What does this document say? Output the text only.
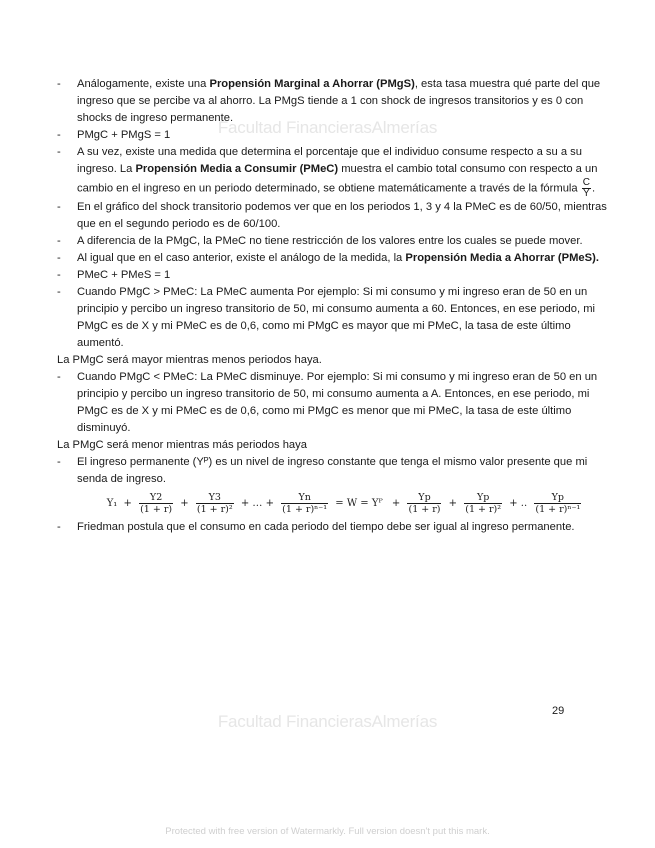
Facultad FinancierasAlmerías
Facultad FinancierasAlmerías
- Análogamente, existe una Propensión Marginal a Ahorrar (PMgS), esta tasa muestra qué parte del que ingreso que se percibe va al ahorro. La PMgS tiende a 1 con shock de ingresos transitorios y es 0 con shocks de ingreso permanente.
- PMgC + PMgS = 1
- A su vez, existe una medida que determina el porcentaje que el individuo consume respecto a su a su ingreso. La Propensión Media a Consumir (PMeC) muestra el cambio total consumo con respecto a un cambio en el ingreso en un periodo determinado, se obtiene matemáticamente a través de la fórmula $\frac{C}{Y}$ .
- En el gráfico del shock transitorio podemos ver que en los periodos 1, 3 y 4 la PMeC es de 60/50, mientras que en el segundo periodo es de 60/100.
- A diferencia de la PMgC, la PMeC no tiene restricción de los valores entre los cuales se puede mover.
- Al igual que en el caso anterior, existe el análogo de la medida, la Propensión Media a Ahorrar (PMeS).
- PMeC + PMeS = 1
- Cuando PMgC > PMeC: La PMeC aumenta Por ejemplo: Si mi consumo y mi ingreso eran de 50 en un principio y percibo un ingreso transitorio de 50, mi consumo aumenta a 60. Entonces, en ese periodo, mi PMgC es de X y mi PMeC es de 0,6, como mi PMgC es mayor que mi PMeC, la tasa de este último aumentó.
La PMgC será mayor mientras menos periodos haya.
- Cuando PMgC < PMeC: La PMeC disminuye. Por ejemplo: Si mi consumo y mi ingreso eran de 50 en un principio y percibo un ingreso transitorio de 50, mi consumo aumenta a A. Entonces, en ese periodo, mi PMgC es de X y mi PMeC es de 0,6, como mi PMgC es menor que mi PMeC, la tasa de este último disminuyó.
La PMgC será menor mientras más periodos haya
- El ingreso permanente (Yᴾ) es un nivel de ingreso constante que tenga el mismo valor presente que mi senda de ingreso.
$Y_1 + \frac{Y2}{(1 + r)} + \frac{Y3}{\text{(1 + r)²}}$ + … + $\frac{Yn}{\text{(1 + r)ⁿ⁻¹}} = W$ = Yᴾ + $\frac{Yp}{(1 + r)} + \frac{Yp}{\text{(1 + r)²}}$ + .. $\frac{Yp}{\text{(1 + r)ⁿ⁻¹}}$
- Friedman postula que el consumo en cada periodo del tiempo debe ser igual al ingreso permanente.
29
Protected with free version of Watermarkly. Full version doesn't put this mark.
